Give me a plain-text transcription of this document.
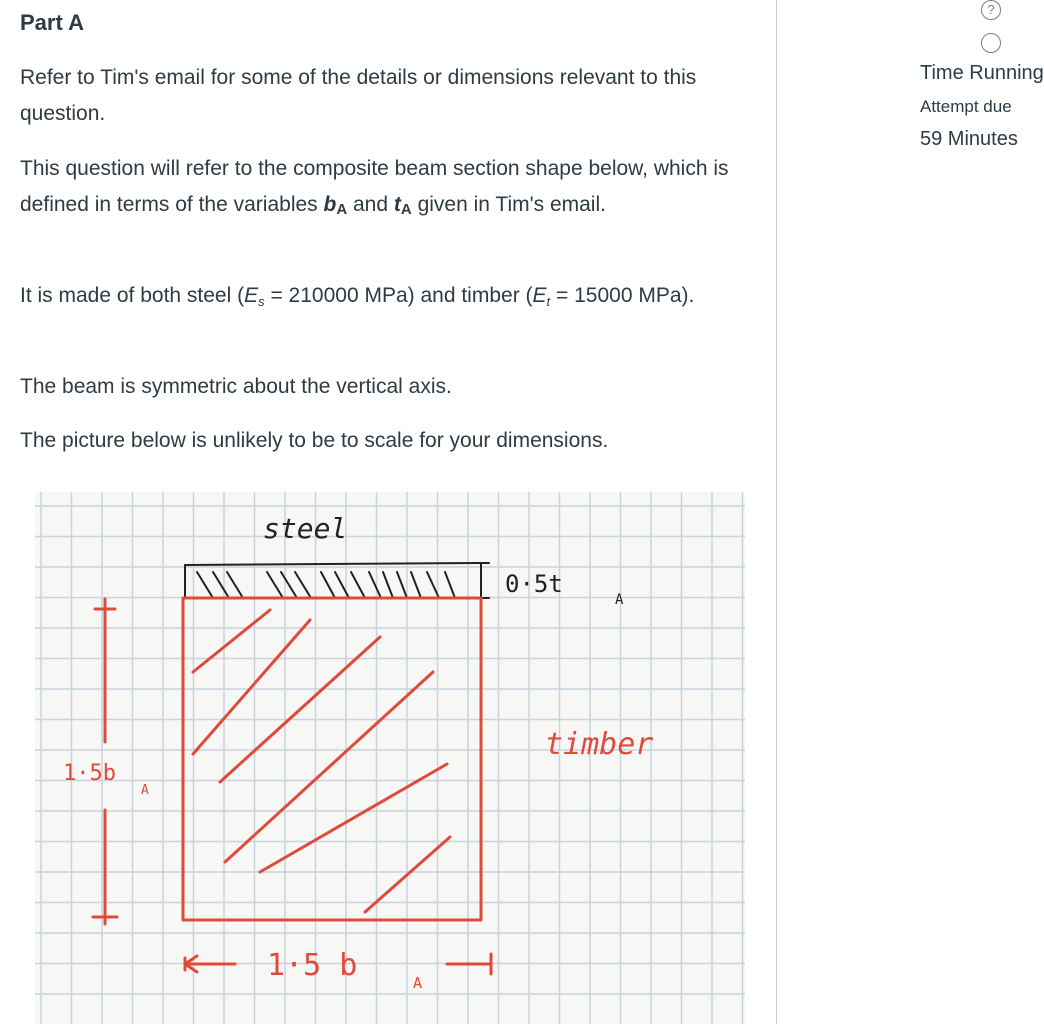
Part A

Refer to Tim's email for some of the details or dimensions relevant to this question.

This question will refer to the composite beam section shape below, which is defined in terms of the variables bA and tA given in Tim's email.

It is made of both steel ($E_s = 210000$ MPa) and timber ($E_t = 15000$ MPa).

The beam is symmetric about the vertical axis.

The picture below is unlikely to be to scale for your dimensions.

steel
0·5t
A
timber
1·5b
A
1·5 b	A
?
Time Running
Attempt due
59 Minutes
